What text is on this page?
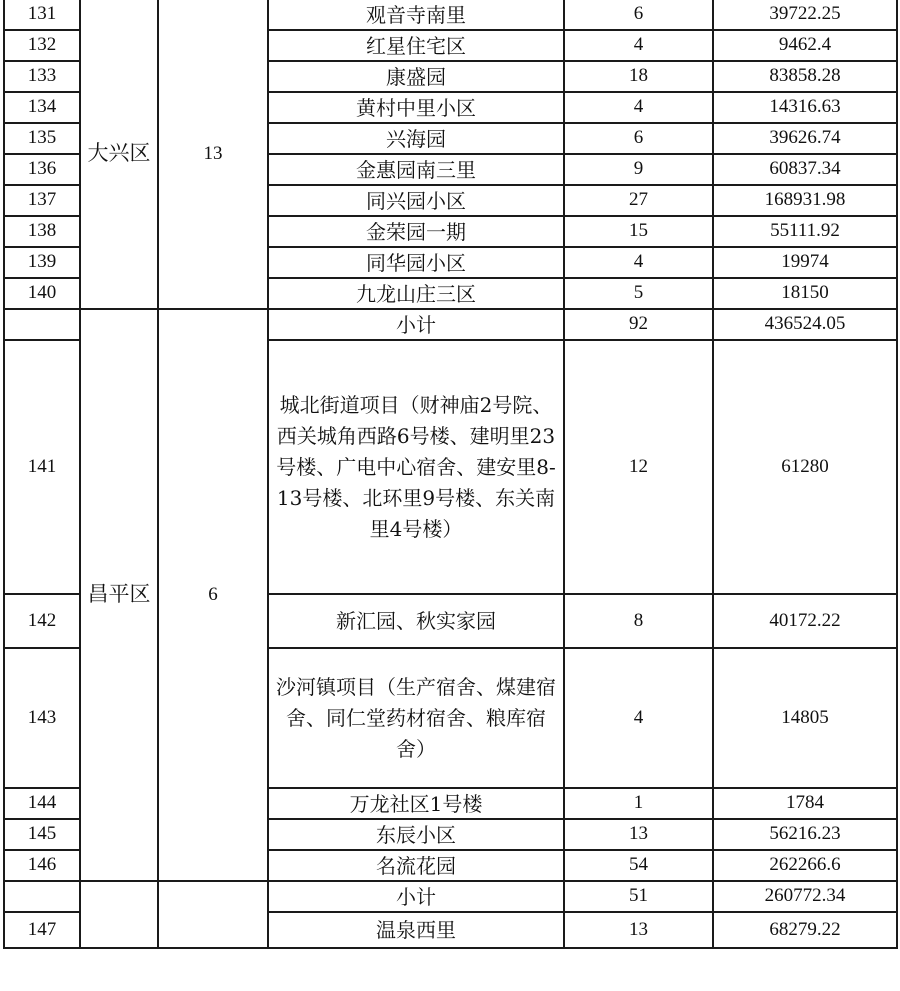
131	大兴区	13	观音寺南里	6	39722.25
132			红星住宅区	4	9462.4
133			康盛园	18	83858.28
134			黄村中里小区	4	14316.63
135			兴海园	6	39626.74
136			金惠园南三里	9	60837.34
137			同兴园小区	27	168931.98
138			金荣园一期	15	55111.92
139			同华园小区	4	19974
140			九龙山庄三区	5	18150
	昌平区	6	小计	92	436524.05
141			城北街道项目（财神庙2号院、西关城角西路6号楼、建明里23号楼、广电中心宿舍、建安里8-13号楼、北环里9号楼、东关南里4号楼）	12	61280
142			新汇园、秋实家园	8	40172.22
143			沙河镇项目（生产宿舍、煤建宿舍、同仁堂药材宿舍、粮库宿舍）	4	14805
144			万龙社区1号楼	1	1784
145			东辰小区	13	56216.23
146			名流花园	54	262266.6
			小计	51	260772.34
147			温泉西里	13	68279.22
